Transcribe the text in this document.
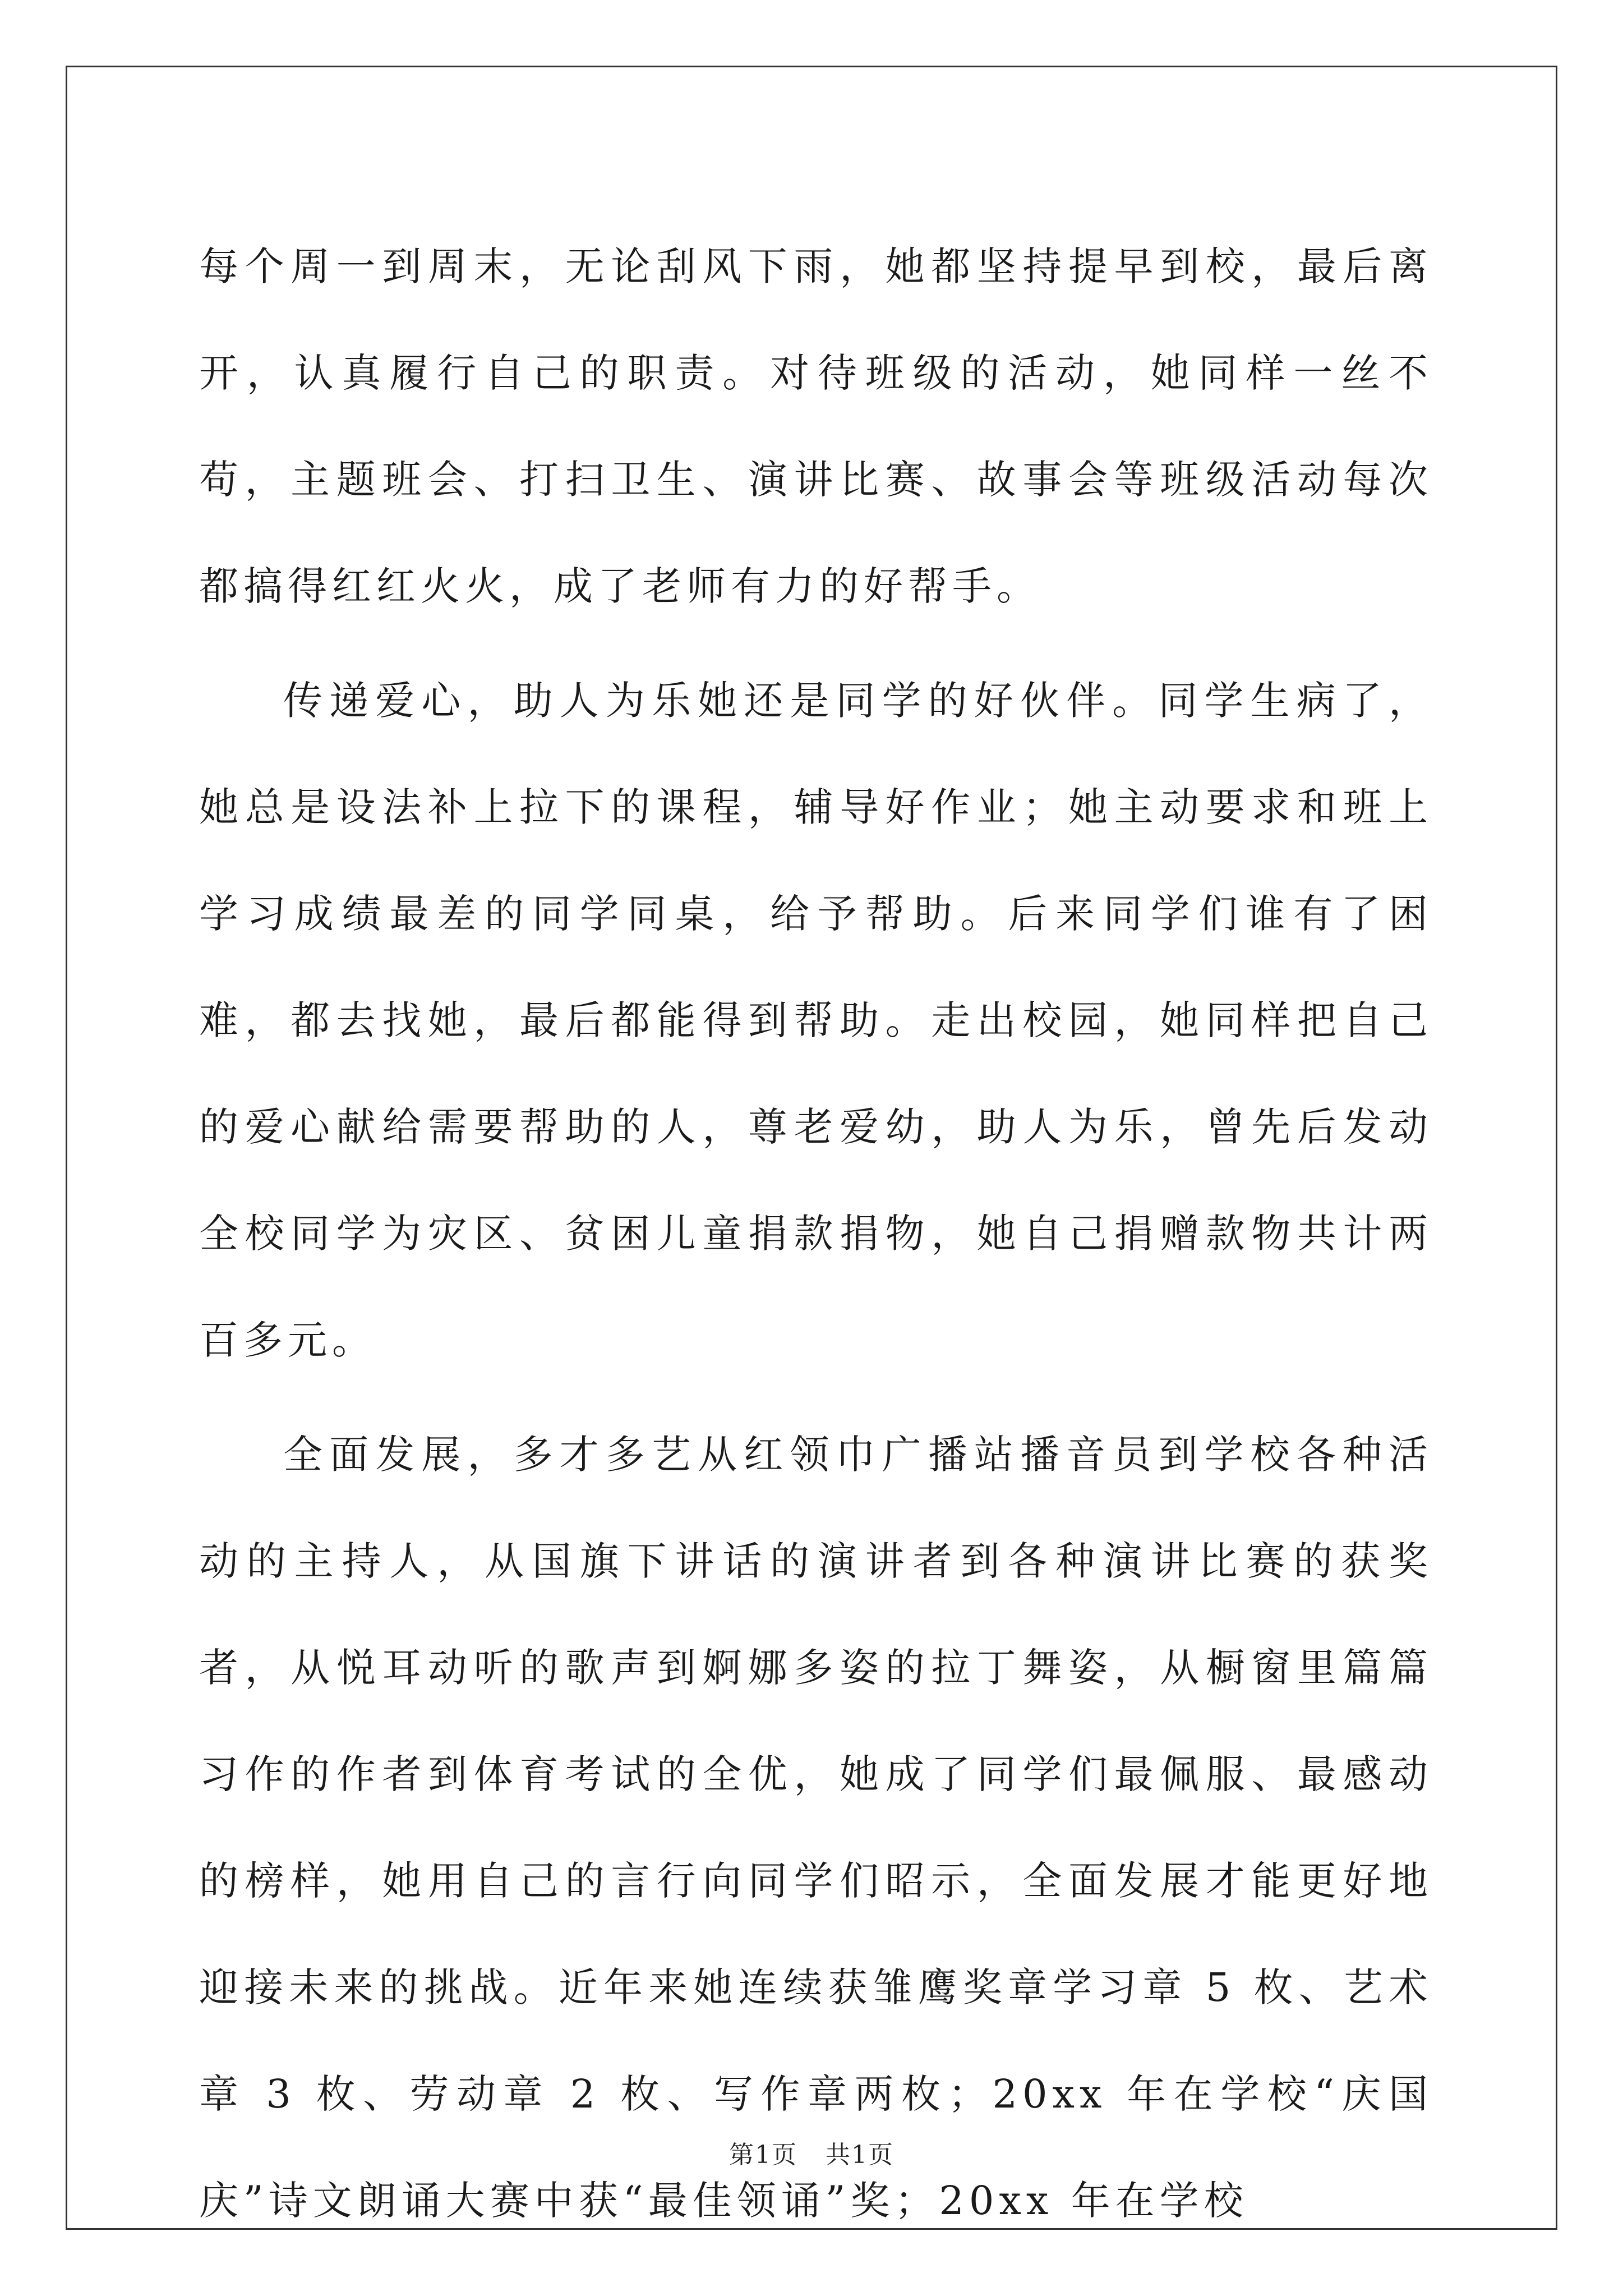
每个周一到周末，无论刮风下雨，她都坚持提早到校，最后离开，认真履行自己的职责。对待班级的活动，她同样一丝不苟，主题班会、打扫卫生、演讲比赛、故事会等班级活动每次都搞得红红火火，成了老师有力的好帮手。

传递爱心，助人为乐她还是同学的好伙伴。同学生病了，她总是设法补上拉下的课程，辅导好作业；她主动要求和班上学习成绩最差的同学同桌，给予帮助。后来同学们谁有了困难，都去找她，最后都能得到帮助。走出校园，她同样把自己的爱心献给需要帮助的人，尊老爱幼，助人为乐，曾先后发动全校同学为灾区、贫困儿童捐款捐物，她自己捐赠款物共计两百多元。

全面发展，多才多艺从红领巾广播站播音员到学校各种活动的主持人，从国旗下讲话的演讲者到各种演讲比赛的获奖者，从悦耳动听的歌声到婀娜多姿的拉丁舞姿，从橱窗里篇篇习作的作者到体育考试的全优，她成了同学们最佩服、最感动的榜样，她用自己的言行向同学们昭示，全面发展才能更好地迎接未来的挑战。近年来她连续获雏鹰奖章学习章 5 枚、艺术章 3 枚、劳动章 2 枚、写作章两枚；20xx 年在学校“庆国庆”诗文朗诵大赛中获“最佳领诵”奖；20xx 年在学校

第1页 共1页
